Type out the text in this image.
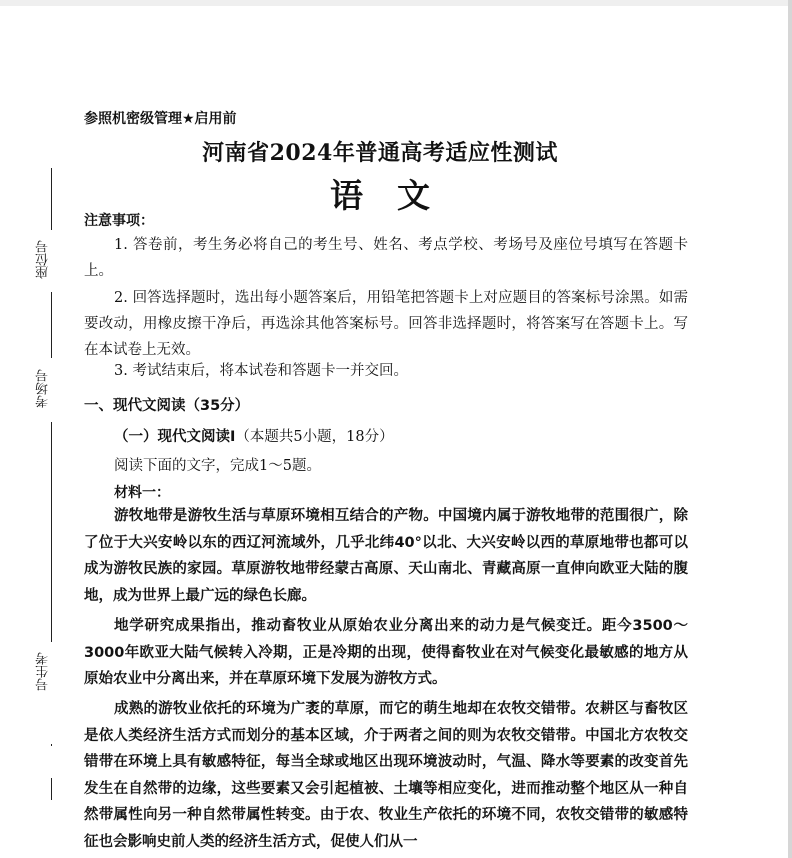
座位号
考场号
号生考
参照机密级管理★启用前
河南省2024年普通高考适应性测试
语文
注意事项：
1. 答卷前，考生务必将自己的考生号、姓名、考点学校、考场号及座位号填写在答题卡上。
2. 回答选择题时，选出每小题答案后，用铅笔把答题卡上对应题目的答案标号涂黑。如需要改动，用橡皮擦干净后，再选涂其他答案标号。回答非选择题时，将答案写在答题卡上。写在本试卷上无效。
3. 考试结束后，将本试卷和答题卡一并交回。
一、现代文阅读（35分）
（一）现代文阅读Ⅰ（本题共5小题，18分）
阅读下面的文字，完成1～5题。
材料一：
游牧地带是游牧生活与草原环境相互结合的产物。中国境内属于游牧地带的范围很广，除了位于大兴安岭以东的西辽河流域外，几乎北纬40°以北、大兴安岭以西的草原地带也都可以成为游牧民族的家园。草原游牧地带经蒙古高原、天山南北、青藏高原一直伸向欧亚大陆的腹地，成为世界上最广远的绿色长廊。
地学研究成果指出，推动畜牧业从原始农业分离出来的动力是气候变迁。距今3500～3000年欧亚大陆气候转入冷期，正是冷期的出现，使得畜牧业在对气候变化最敏感的地方从原始农业中分离出来，并在草原环境下发展为游牧方式。
成熟的游牧业依托的环境为广袤的草原，而它的萌生地却在农牧交错带。农耕区与畜牧区是依人类经济生活方式而划分的基本区域，介于两者之间的则为农牧交错带。中国北方农牧交错带在环境上具有敏感特征，每当全球或地区出现环境波动时，气温、降水等要素的改变首先发生在自然带的边缘，这些要素又会引起植被、土壤等相应变化，进而推动整个地区从一种自然带属性向另一种自然带属性转变。由于农、牧业生产依托的环境不同，农牧交错带的敏感特征也会影响史前人类的经济生活方式，促使人们从一
